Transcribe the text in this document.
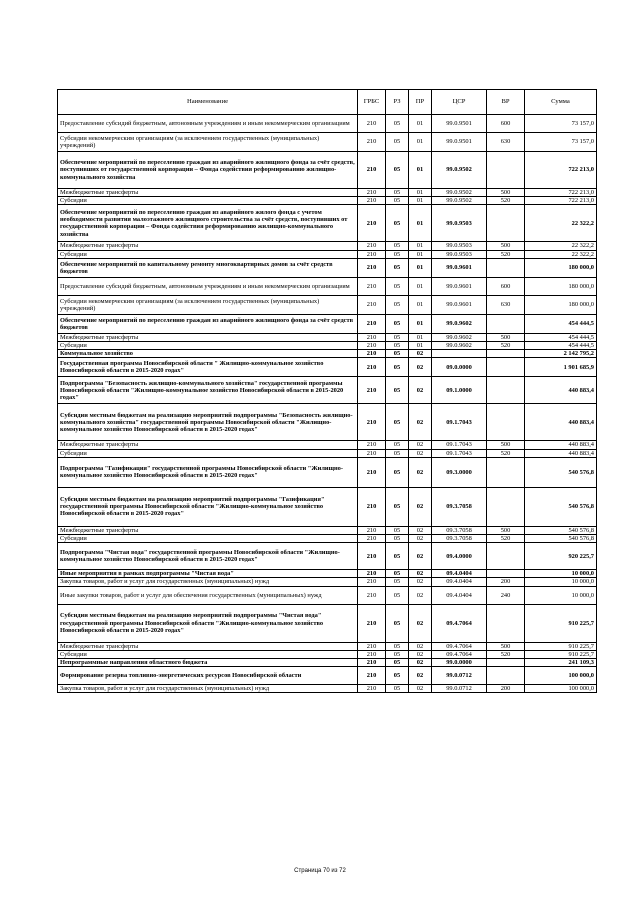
Наименование	ГРБС	РЗ	ПР	ЦСР	ВР	Сумма
Предоставление субсидий бюджетным, автономным учреждениям и иным некоммерческим организациям	210	05	01	99.0.9501	600	73 157,0
Субсидии некоммерческим организациям (за исключением государственных (муниципальных) учреждений)	210	05	01	99.0.9501	630	73 157,0
Обеспечение мероприятий по переселению граждан из аварийного жилищного фонда за счёт средств, поступивших от государственной корпорации – Фонда содействия реформированию жилищно-коммунального хозяйства	210	05	01	99.0.9502		722 213,0
Межбюджетные трансферты	210	05	01	99.0.9502	500	722 213,0
Субсидии	210	05	01	99.0.9502	520	722 213,0
Обеспечение мероприятий по переселению граждан из аварийного жилого фонда с учетом необходимости развития малоэтажного жилищного строительства за счёт средств, поступивших от государственной корпорации – Фонда содействия реформированию жилищно-коммунального хозяйства	210	05	01	99.0.9503		22 322,2
Межбюджетные трансферты	210	05	01	99.0.9503	500	22 322,2
Субсидии	210	05	01	99.0.9503	520	22 322,2
Обеспечение мероприятий по капитальному ремонту многоквартирных домов за счёт средств бюджетов	210	05	01	99.0.9601		180 000,0
Предоставление субсидий бюджетным, автономным учреждениям и иным некоммерческим организациям	210	05	01	99.0.9601	600	180 000,0
Субсидии некоммерческим организациям (за исключением государственных (муниципальных) учреждений)	210	05	01	99.0.9601	630	180 000,0
Обеспечение мероприятий по переселению граждан из аварийного жилищного фонда за счёт средств бюджетов	210	05	01	99.0.9602		454 444,5
Межбюджетные трансферты	210	05	01	99.0.9602	500	454 444,5
Субсидии	210	05	01	99.0.9602	520	454 444,5
Коммунальное хозяйство	210	05	02			2 142 795,2
Государственная программа Новосибирской области " Жилищно-коммунальное хозяйство Новосибирской области в 2015-2020 годах"	210	05	02	09.0.0000		1 901 685,9
Подпрограмма "Безопасность жилищно-коммунального хозяйства" государственной программы Новосибирской области "Жилищно-коммунальное хозяйство Новосибирской области в 2015-2020 годах"	210	05	02	09.1.0000		440 883,4
Субсидии местным бюджетам на реализацию мероприятий подпрограммы "Безопасность жилищно-коммунального хозяйства" государственной программы Новосибирской области "Жилищно-коммунальное хозяйство Новосибирской области в 2015-2020 годах"	210	05	02	09.1.7043		440 883,4
Межбюджетные трансферты	210	05	02	09.1.7043	500	440 883,4
Субсидии	210	05	02	09.1.7043	520	440 883,4
Подпрограмма "Газификация" государственной программы Новосибирской области "Жилищно-коммунальное хозяйство Новосибирской области в 2015-2020 годах"	210	05	02	09.3.0000		540 576,8
Субсидии местным бюджетам на реализацию мероприятий подпрограммы "Газификация" государственной программы Новосибирской области "Жилищно-коммунальное хозяйство Новосибирской области в 2015-2020 годах"	210	05	02	09.3.7058		540 576,8
Межбюджетные трансферты	210	05	02	09.3.7058	500	540 576,8
Субсидии	210	05	02	09.3.7058	520	540 576,8
Подпрограмма "Чистая вода" государственной программы Новосибирской области "Жилищно-коммунальное хозяйство Новосибирской области в 2015-2020 годах"	210	05	02	09.4.0000		920 225,7
Иные мероприятия в рамках подпрограммы "Чистая вода"	210	05	02	09.4.0404		10 000,0
Закупка товаров, работ и услуг для государственных (муниципальных) нужд	210	05	02	09.4.0404	200	10 000,0
Иные закупки товаров, работ и услуг для обеспечения государственных (муниципальных) нужд	210	05	02	09.4.0404	240	10 000,0
Субсидии местным бюджетам на реализацию мероприятий подпрограммы "Чистая вода" государственной программы Новосибирской области "Жилищно-коммунальное хозяйство Новосибирской области в 2015-2020 годах"	210	05	02	09.4.7064		910 225,7
Межбюджетные трансферты	210	05	02	09.4.7064	500	910 225,7
Субсидии	210	05	02	09.4.7064	520	910 225,7
Непрограммные направления областного бюджета	210	05	02	99.0.0000		241 109,3
Формирование резерва топливно-энергетических ресурсов Новосибирской области	210	05	02	99.0.0712		100 000,0
Закупка товаров, работ и услуг для государственных (муниципальных) нужд	210	05	02	99.0.0712	200	100 000,0
Страница 70 из 72
